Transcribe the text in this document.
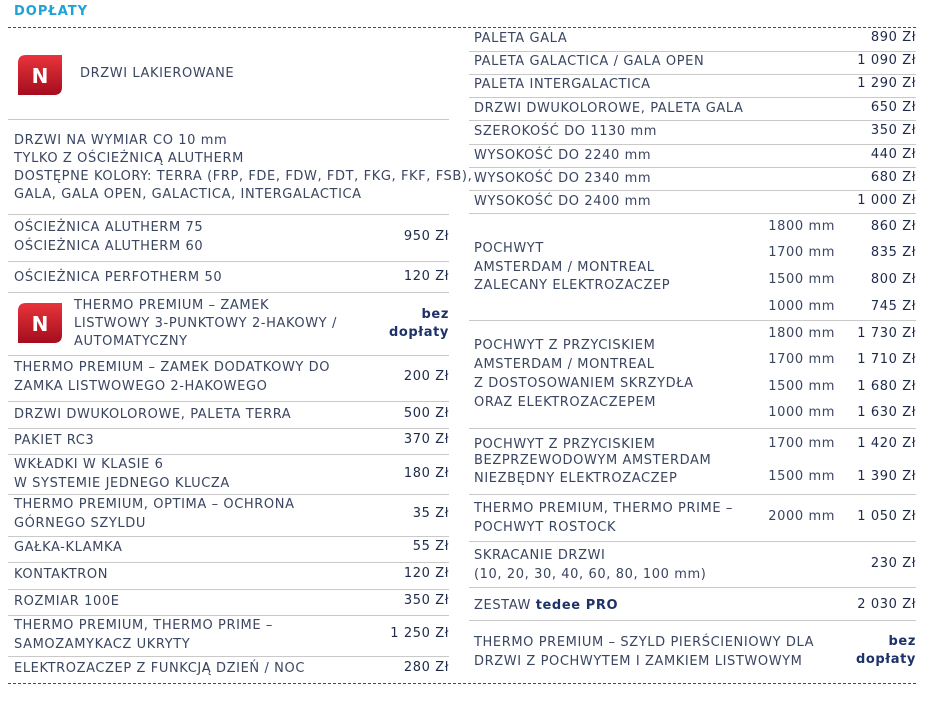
DOPŁATY
N DRZWI LAKIEROWANE
DRZWI NA WYMIAR CO 10 mm
TYLKO Z OŚCIEŻNICĄ ALUTHERM
DOSTĘPNE KOLORY: TERRA (FRP, FDE, FDW, FDT, FKG, FKF, FSB),
GALA, GALA OPEN, GALACTICA, INTERGALACTICA
OŚCIEŻNICA ALUTHERM 75
OŚCIEŻNICA ALUTHERM 60
950 Zł
OŚCIEŻNICA PERFOTHERM 50	120 Zł
N
THERMO PREMIUM – ZAMEK
LISTWOWY 3-PUNKTOWY 2-HAKOWY /
AUTOMATYCZNY
bez
dopłaty
THERMO PREMIUM – ZAMEK DODATKOWY DO
ZAMKA LISTWOWEGO 2-HAKOWEGO
200 Zł
DRZWI DWUKOLOROWE, PALETA TERRA	500 Zł
PAKIET RC3	370 Zł
WKŁADKI W KLASIE 6
W SYSTEMIE JEDNEGO KLUCZA
180 Zł
THERMO PREMIUM, OPTIMA – OCHRONA
GÓRNEGO SZYLDU
35 Zł
GAŁKA-KLAMKA	55 Zł
KONTAKTRON	120 Zł
ROZMIAR 100E	350 Zł
THERMO PREMIUM, THERMO PRIME –
SAMOZAMYKACZ UKRYTY
1 250 Zł
ELEKTROZACZEP Z FUNKCJĄ DZIEŃ / NOC	280 Zł
PALETA GALA	890 Zł
PALETA GALACTICA / GALA OPEN	1 090 Zł
PALETA INTERGALACTICA	1 290 Zł
DRZWI DWUKOLOROWE, PALETA GALA	650 Zł
SZEROKOŚĆ DO 1130 mm	350 Zł
WYSOKOŚĆ DO 2240 mm	440 Zł
WYSOKOŚĆ DO 2340 mm	680 Zł
WYSOKOŚĆ DO 2400 mm	1 000 Zł
POCHWYT
AMSTERDAM / MONTREAL
ZALECANY ELEKTROZACZEP
1800 mm	860 Zł
1700 mm	835 Zł
1500 mm	800 Zł
1000 mm	745 Zł
POCHWYT Z PRZYCISKIEM
AMSTERDAM / MONTREAL
Z DOSTOSOWANIEM SKRZYDŁA
ORAZ ELEKTROZACZEPEM
1800 mm 1 730 Zł
1700 mm 1 710 Zł
1500 mm 1 680 Zł
1000 mm 1 630 Zł
POCHWYT Z PRZYCISKIEM
BEZPRZEWODOWYM AMSTERDAM
NIEZBĘDNY ELEKTROZACZEP
1700 mm 1 420 Zł
1500 mm 1 390 Zł
THERMO PREMIUM, THERMO PRIME –
POCHWYT ROSTOCK
2000 mm 1 050 Zł
SKRACANIE DRZWI
(10, 20, 30, 40, 60, 80, 100 mm)
230 Zł
ZESTAW tedee PRO	2 030 Zł
THERMO PREMIUM – SZYLD PIERŚCIENIOWY DLA
DRZWI Z POCHWYTEM I ZAMKIEM LISTWOWYM
bez
dopłaty
